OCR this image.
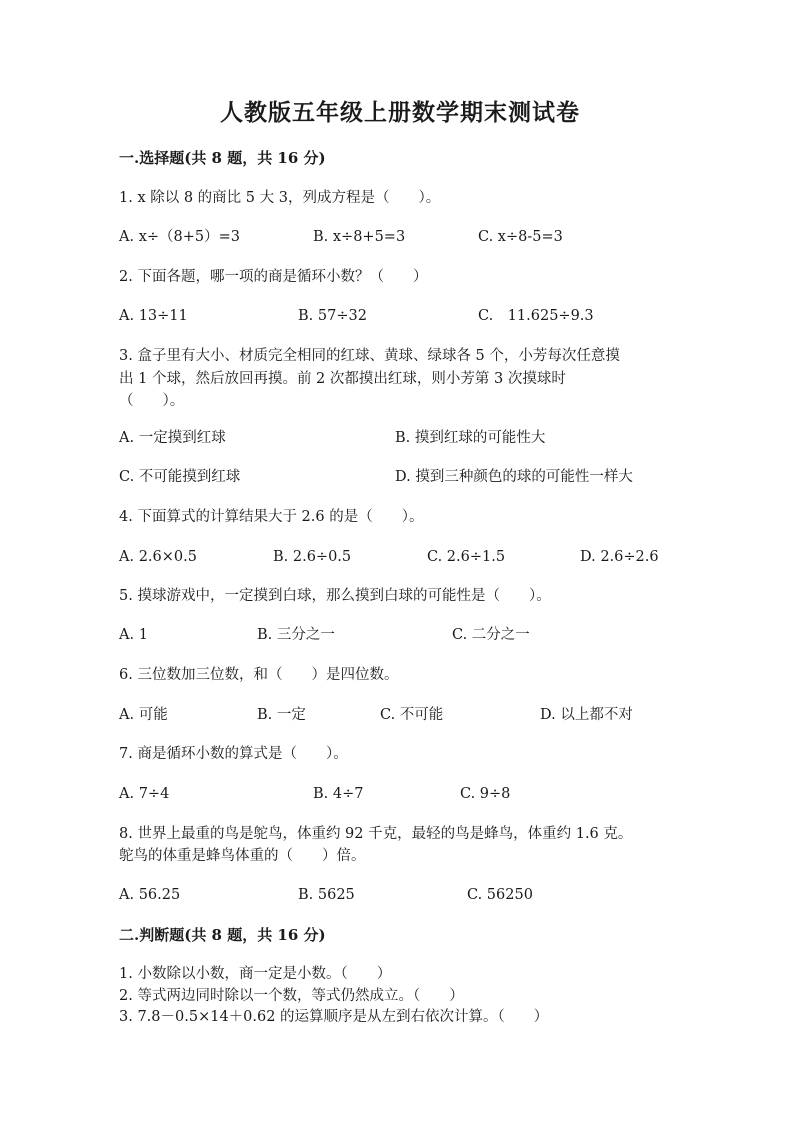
人教版五年级上册数学期末测试卷
一.选择题(共 8 题，共 16 分)
1. x 除以 8 的商比 5 大 3，列成方程是（　　）。
A. x÷（8+5）=3	B. x÷8+5=3	C. x÷8-5=3
2. 下面各题，哪一项的商是循环小数？（　　）
A. 13÷11	B. 57÷32	C.　11.625÷9.3
3. 盒子里有大小、材质完全相同的红球、黄球、绿球各 5 个，小芳每次任意摸
出 1 个球，然后放回再摸。前 2 次都摸出红球，则小芳第 3 次摸球时
（　　）。
A. 一定摸到红球	B. 摸到红球的可能性大
C. 不可能摸到红球	D. 摸到三种颜色的球的可能性一样大
4. 下面算式的计算结果大于 2.6 的是（　　）。
A. 2.6×0.5	B. 2.6÷0.5	C. 2.6÷1.5	D. 2.6÷2.6
5. 摸球游戏中，一定摸到白球，那么摸到白球的可能性是（　　）。
A. 1	B. 三分之一	C. 二分之一
6. 三位数加三位数，和（　　）是四位数。
A. 可能	B. 一定	C. 不可能	D. 以上都不对
7. 商是循环小数的算式是（　　）。
A. 7÷4	B. 4÷7	C. 9÷8
8. 世界上最重的鸟是鸵鸟，体重约 92 千克，最轻的鸟是蜂鸟，体重约 1.6 克。
鸵鸟的体重是蜂鸟体重的（　　）倍。
A. 56.25	B. 5625	C. 56250
二.判断题(共 8 题，共 16 分)
1. 小数除以小数，商一定是小数。（　　）
2. 等式两边同时除以一个数，等式仍然成立。（　　）
3. 7.8－0.5×14＋0.62 的运算顺序是从左到右依次计算。（　　）
